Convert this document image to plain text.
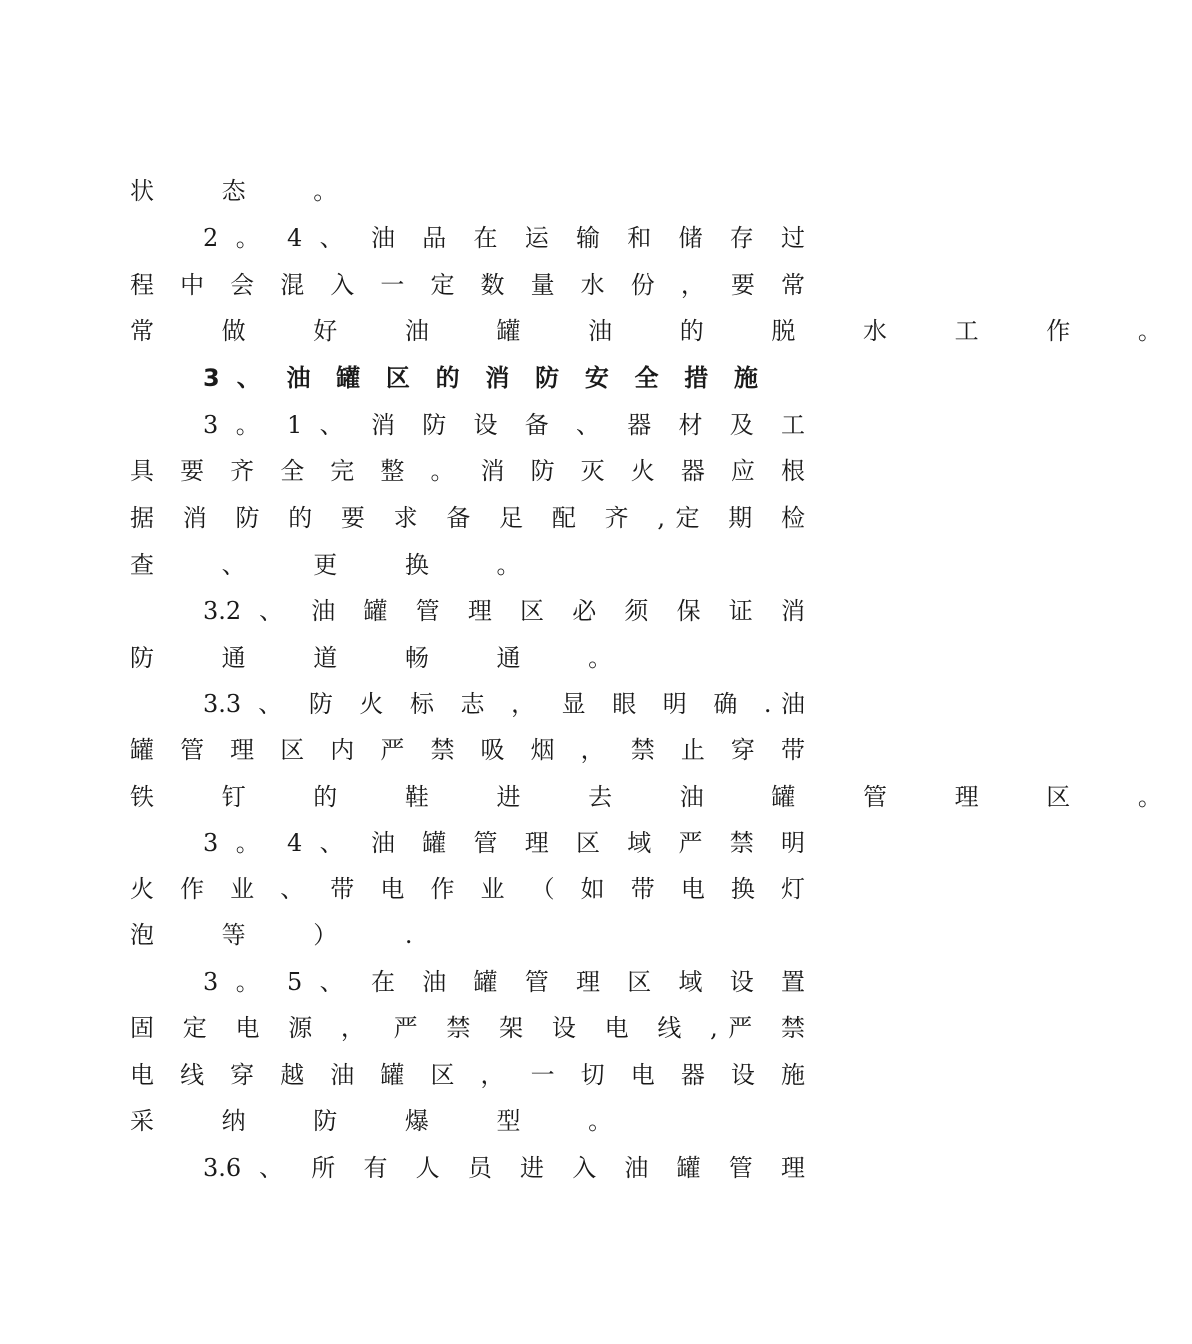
状 态 。
2 。 4 、 油 品 在 运 输 和 储 存 过
程 中 会 混 入 一 定 数 量 水 份 ， 要 常
常 做 好 油 罐 油 的 脱 水 工 作 。
3 、 油 罐 区 的 消 防 安 全 措 施
3 。 1 、 消 防 设 备 、 器 材 及 工
具 要 齐 全 完 整 。 消 防 灭 火 器 应 根
据 消 防 的 要 求 备 足 配 齐 ,定 期 检
查 、 更 换 。
3.2 、 油 罐 管 理 区 必 须 保 证 消
防 通 道 畅 通 。
3.3 、 防 火 标 志 ， 显 眼 明 确 .油
罐 管 理 区 内 严 禁 吸 烟 ， 禁 止 穿 带
铁 钉 的 鞋 进 去 油 罐 管 理 区 。
3 。 4 、 油 罐 管 理 区 域 严 禁 明
火 作 业 、 带 电 作 业 （ 如 带 电 换 灯
泡 等 ） .
3 。 5 、 在 油 罐 管 理 区 域 设 置
固 定 电 源 ， 严 禁 架 设 电 线 ,严 禁
电 线 穿 越 油 罐 区 ， 一 切 电 器 设 施
采 纳 防 爆 型 。
3.6 、 所 有 人 员 进 入 油 罐 管 理
